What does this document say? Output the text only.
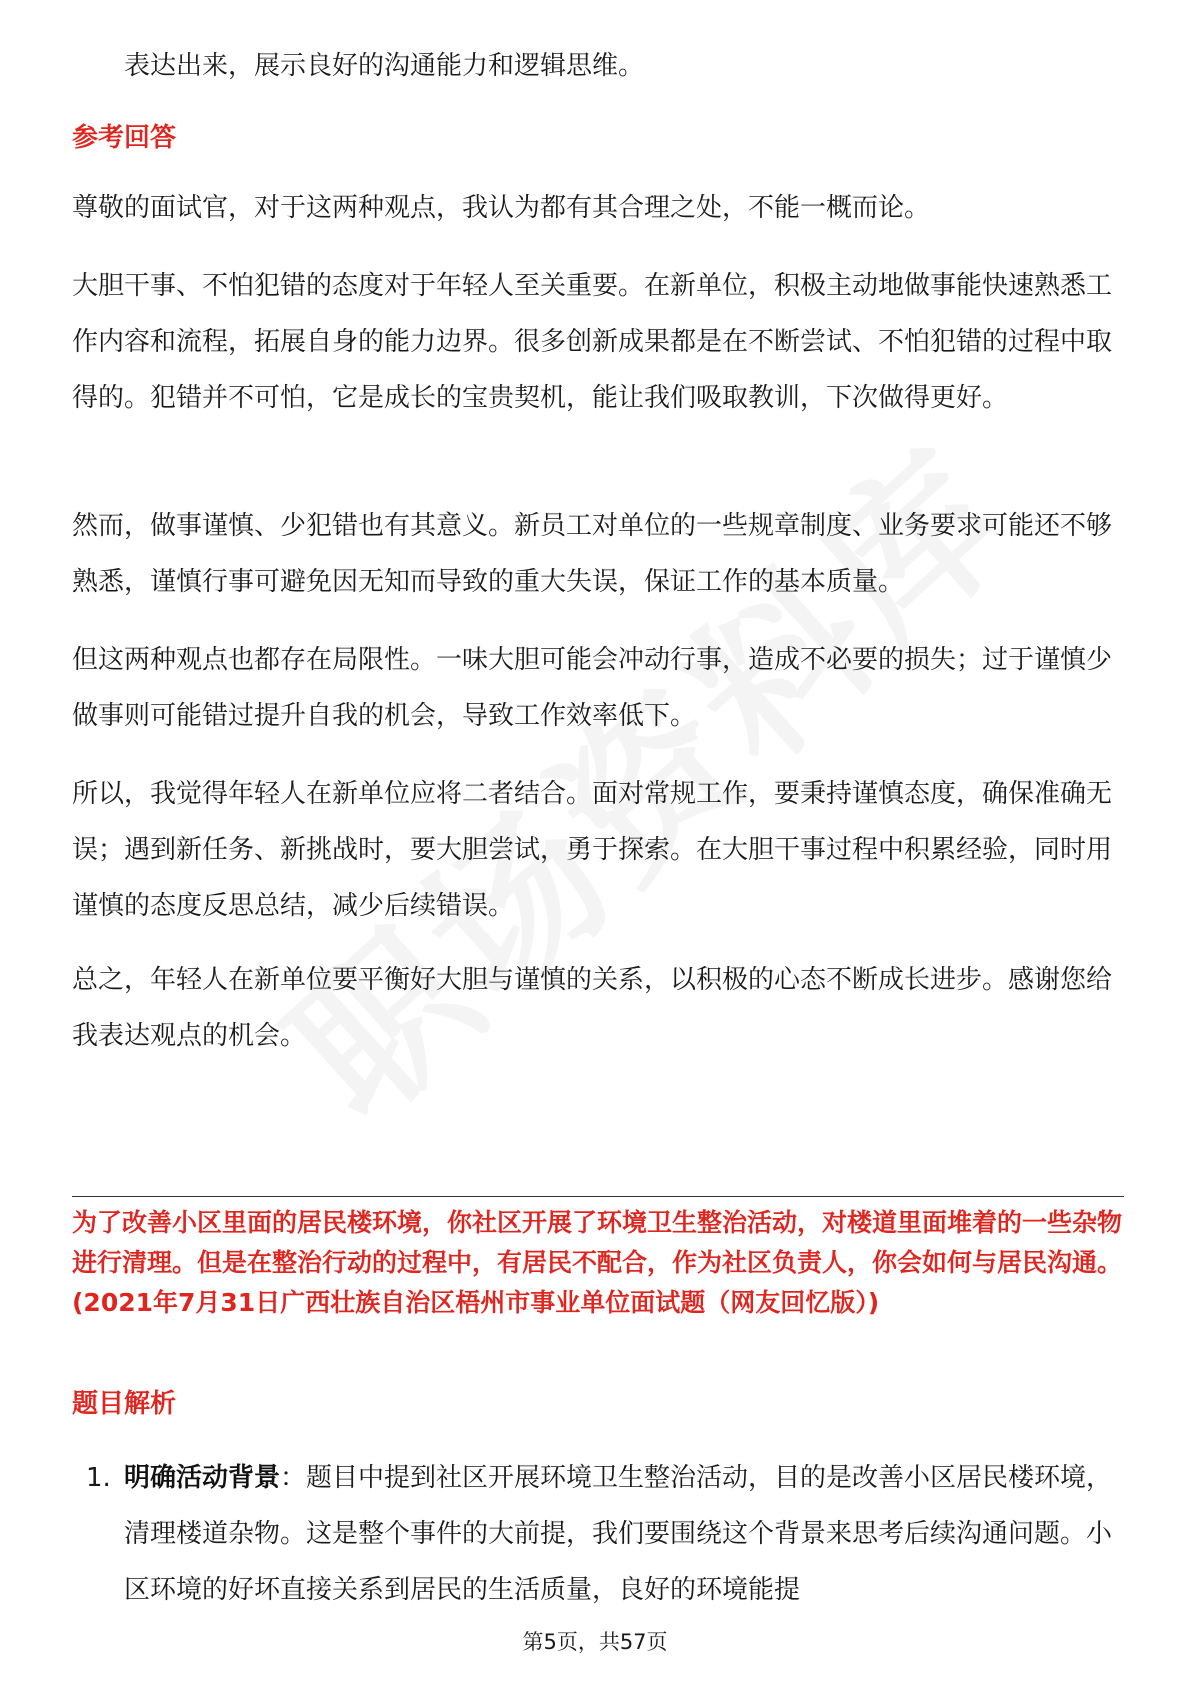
表达出来，展示良好的沟通能力和逻辑思维。

参考回答

尊敬的面试官，对于这两种观点，我认为都有其合理之处，不能一概而论。

大胆干事、不怕犯错的态度对于年轻人至关重要。在新单位，积极主动地做事能快速熟悉工作内容和流程，拓展自身的能力边界。很多创新成果都是在不断尝试、不怕犯错的过程中取得的。犯错并不可怕，它是成长的宝贵契机，能让我们吸取教训，下次做得更好。

然而，做事谨慎、少犯错也有其意义。新员工对单位的一些规章制度、业务要求可能还不够熟悉，谨慎行事可避免因无知而导致的重大失误，保证工作的基本质量。

但这两种观点也都存在局限性。一味大胆可能会冲动行事，造成不必要的损失；过于谨慎少做事则可能错过提升自我的机会，导致工作效率低下。

所以，我觉得年轻人在新单位应将二者结合。面对常规工作，要秉持谨慎态度，确保准确无误；遇到新任务、新挑战时，要大胆尝试，勇于探索。在大胆干事过程中积累经验，同时用谨慎的态度反思总结，减少后续错误。

总之，年轻人在新单位要平衡好大胆与谨慎的关系，以积极的心态不断成长进步。感谢您给我表达观点的机会。

为了改善小区里面的居民楼环境，你社区开展了环境卫生整治活动，对楼道里面堆着的一些杂物进行清理。但是在整治行动的过程中，有居民不配合，作为社区负责人，你会如何与居民沟通。(2021年7月31日广西壮族自治区梧州市事业单位面试题（网友回忆版）)

题目解析
1. 明确活动背景：题目中提到社区开展环境卫生整治活动，目的是改善小区居民楼环境，清理楼道杂物。这是整个事件的大前提，我们要围绕这个背景来思考后续沟通问题。小区环境的好坏直接关系到居民的生活质量，良好的环境能提

第5页，共57页
